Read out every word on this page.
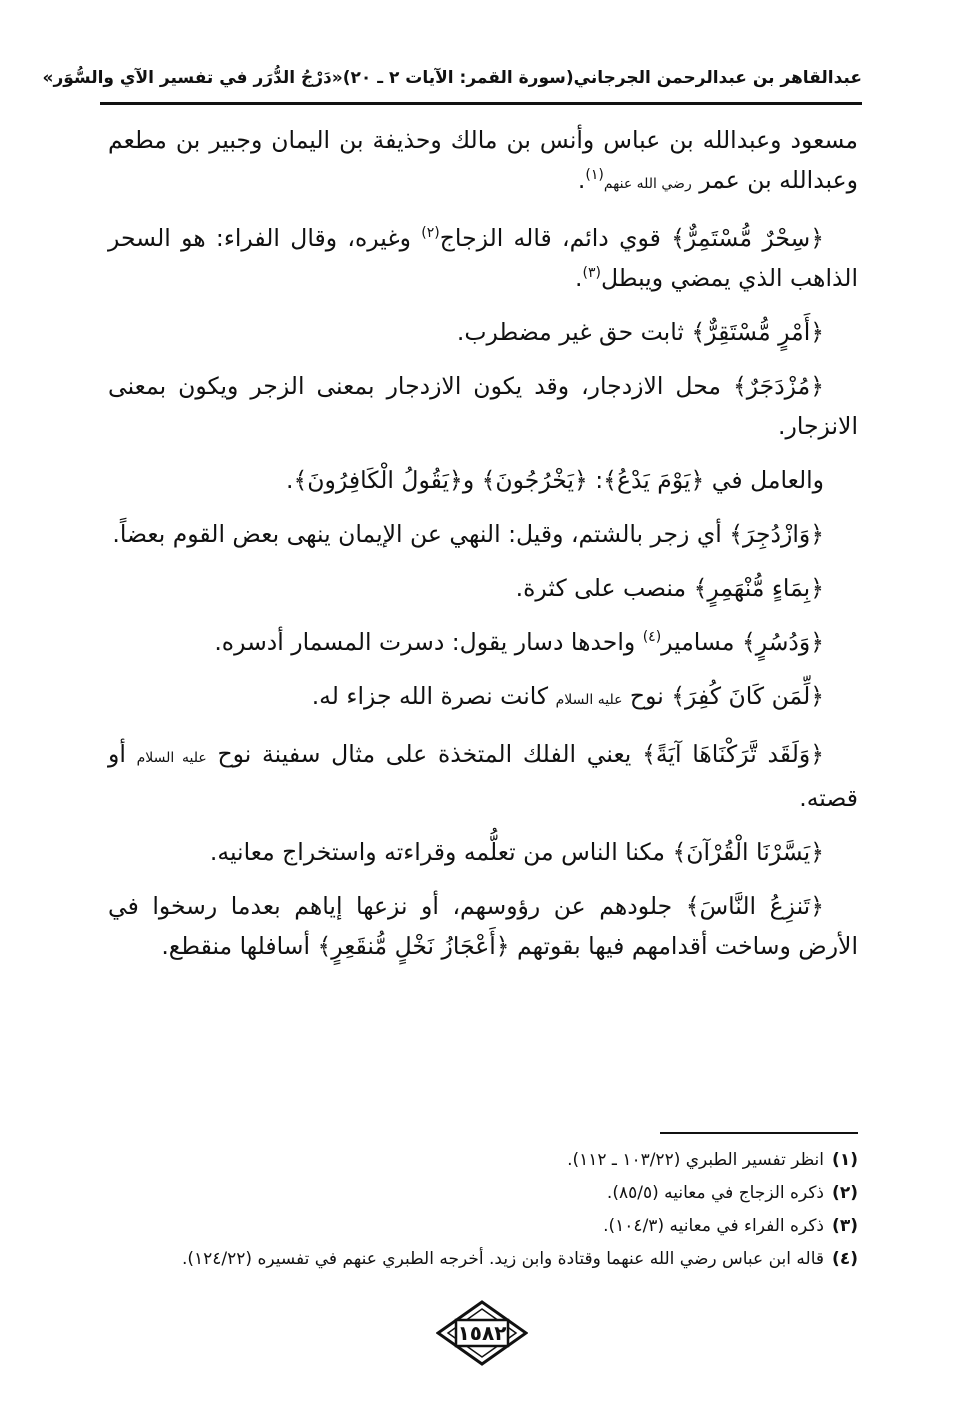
عبدالقاهر بن عبدالرحمن الجرجاني
(سورة القمر: الآيات ٢ ـ ٢٠)
«دَرْجُ الدُّرَر في تفسير الآي والسُّوَر»

مسعود وعبدالله بن عباس وأنس بن مالك وحذيفة بن اليمان وجبير بن مطعم وعبدالله بن عمر رضي الله عنهم$^{(١)}$.

﴿سِحْرٌ مُّسْتَمِرٌّ﴾ قوي دائم، قاله الزجاج$^{(٢)}$ وغيره، وقال الفراء: هو السحر الذاهب الذي يمضي ويبطل$^{(٣)}$.

﴿أَمْرٍ مُّسْتَقِرٌّ﴾ ثابت حق غير مضطرب.

﴿مُزْدَجَرٌ﴾ محل الازدجار، وقد يكون الازدجار بمعنى الزجر ويكون بمعنى الانزجار.

والعامل في ﴿يَوْمَ يَدْعُ﴾: ﴿يَخْرُجُونَ﴾ و﴿يَقُولُ الْكَافِرُونَ﴾.

﴿وَازْدُجِرَ﴾ أي زجر بالشتم، وقيل: النهي عن الإيمان ينهى بعض القوم بعضاً.

﴿بِمَاءٍ مُّنْهَمِرٍ﴾ منصب على كثرة.

﴿وَدُسُرٍ﴾ مسامير$^{(٤)}$ واحدها دسار يقول: دسرت المسمار أدسره.

﴿لِّمَن كَانَ كُفِرَ﴾ نوح عليه السلام كانت نصرة الله جزاء له.

﴿وَلَقَد تَّرَكْنَاهَا آيَةً﴾ يعني الفلك المتخذة على مثال سفينة نوح عليه السلام أو قصته.

﴿يَسَّرْنَا الْقُرْآنَ﴾ مكنا الناس من تعلُّمه وقراءته واستخراج معانيه.

﴿تَنزِعُ النَّاسَ﴾ جلودهم عن رؤوسهم، أو نزعها إياهم بعدما رسخوا في الأرض وساخت أقدامهم فيها بقوتهم ﴿أَعْجَازُ نَخْلٍ مُّنقَعِرٍ﴾ أسافلها منقطع.

(١)انظر تفسير الطبري (١٠٣/٢٢ ـ ١١٢).
(٢)ذكره الزجاج في معانيه (٨٥/٥).
(٣)ذكره الفراء في معانيه (١٠٤/٣).
(٤)قاله ابن عباس رضي الله عنهما وقتادة وابن زيد. أخرجه الطبري عنهم في تفسيره (١٢٤/٢٢).
١٥٨٢
